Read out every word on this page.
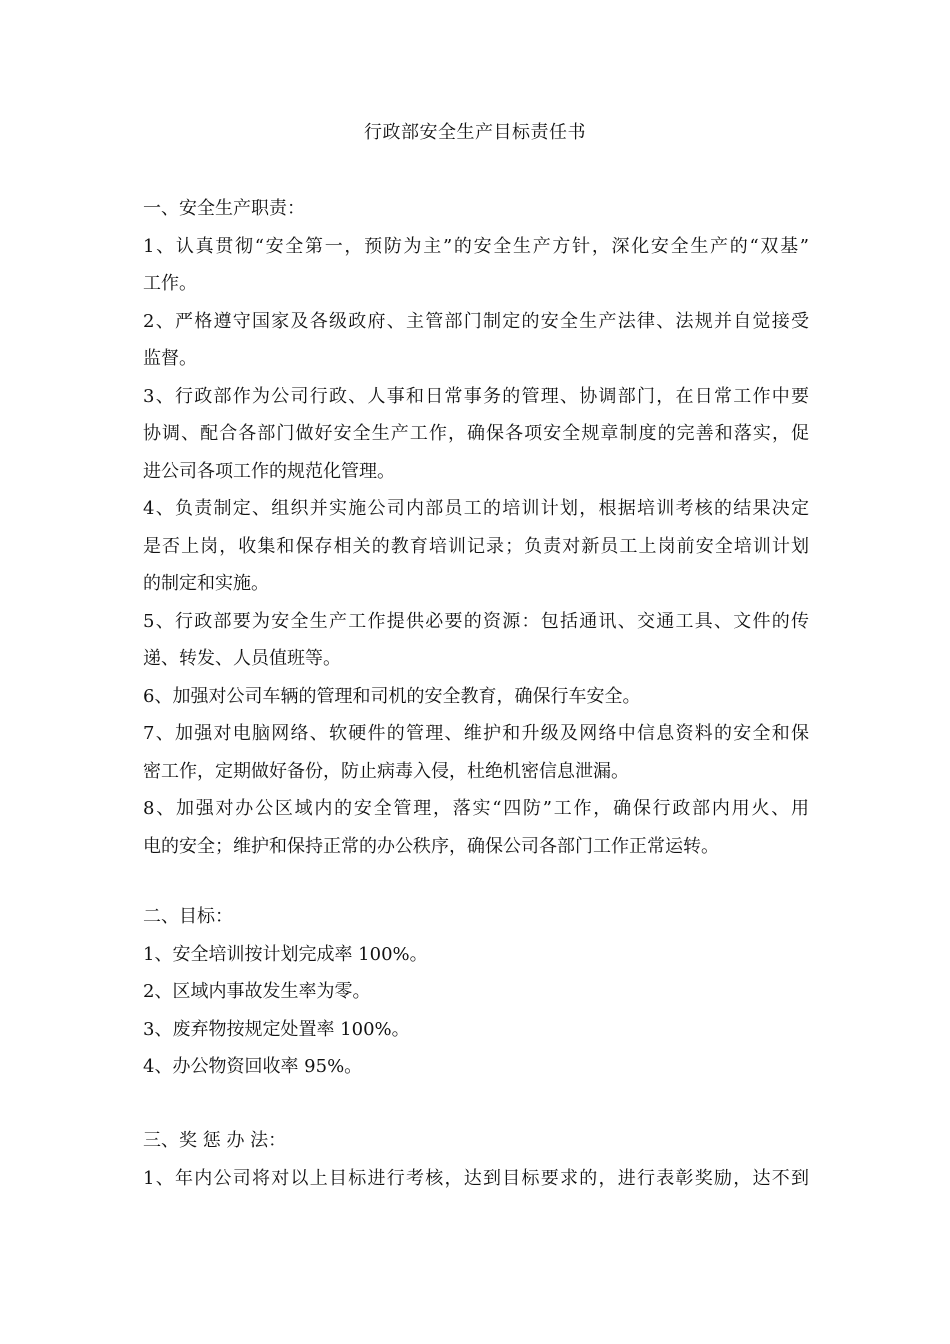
行政部安全生产目标责任书
一、安全生产职责：
1、认真贯彻“安全第一，预防为主”的安全生产方针，深化安全生产的“双基”
工作。
2、严格遵守国家及各级政府、主管部门制定的安全生产法律、法规并自觉接受
监督。
3、行政部作为公司行政、人事和日常事务的管理、协调部门，在日常工作中要
协调、配合各部门做好安全生产工作，确保各项安全规章制度的完善和落实，促
进公司各项工作的规范化管理。
4、负责制定、组织并实施公司内部员工的培训计划，根据培训考核的结果决定
是否上岗，收集和保存相关的教育培训记录；负责对新员工上岗前安全培训计划
的制定和实施。
5、行政部要为安全生产工作提供必要的资源：包括通讯、交通工具、文件的传
递、转发、人员值班等。
6、加强对公司车辆的管理和司机的安全教育，确保行车安全。
7、加强对电脑网络、软硬件的管理、维护和升级及网络中信息资料的安全和保
密工作，定期做好备份，防止病毒入侵，杜绝机密信息泄漏。
8、加强对办公区域内的安全管理，落实“四防”工作，确保行政部内用火、用
电的安全；维护和保持正常的办公秩序，确保公司各部门工作正常运转。
二、目标：
1、安全培训按计划完成率 100%。
2、区域内事故发生率为零。
3、废弃物按规定处置率 100%。
4、办公物资回收率 95%。
三、奖 惩 办 法：
1、年内公司将对以上目标进行考核，达到目标要求的，进行表彰奖励，达不到
